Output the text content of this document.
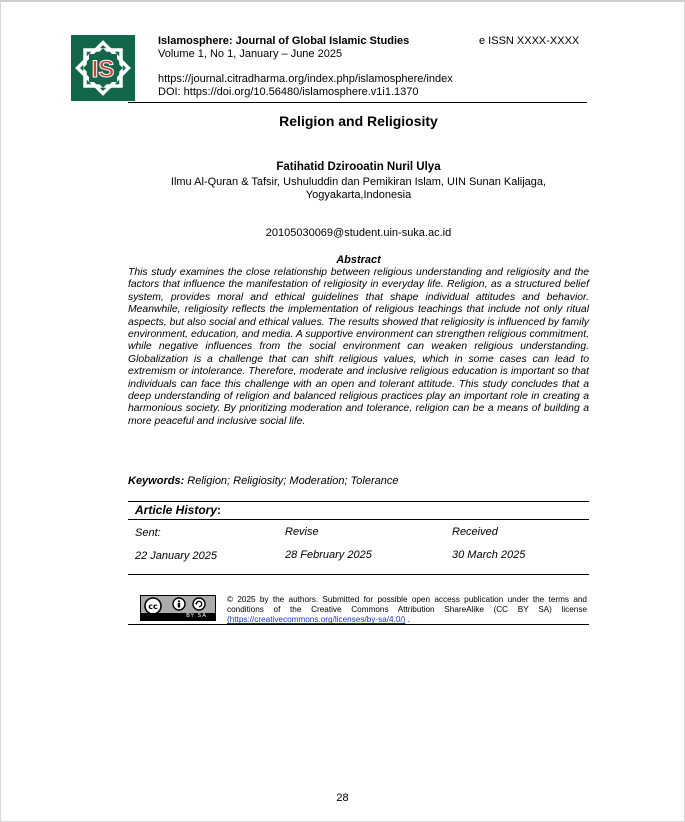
IS
Islamosphere: Journal of Global Islamic Studies	e ISSN XXXX-XXXX
Volume 1, No 1, January – June 2025
https://journal.citradharma.org/index.php/islamosphere/index
DOI: https://doi.org/10.56480/islamosphere.v1i1.1370
Religion and Religiosity
Fatihatid Dzirooatin Nuril Ulya
Ilmu Al-Quran & Tafsir, Ushuluddin dan Pemikiran Islam, UIN Sunan Kalijaga,
Yogyakarta,Indonesia
20105030069@student.uin-suka.ac.id
Abstract
This study examines the close relationship between religious understanding and religiosity and the factors that influence the manifestation of religiosity in everyday life. Religion, as a structured belief system, provides moral and ethical guidelines that shape individual attitudes and behavior. Meanwhile, religiosity reflects the implementation of religious teachings that include not only ritual aspects, but also social and ethical values. The results showed that religiosity is influenced by family environment, education, and media. A supportive environment can strengthen religious commitment, while negative influences from the social environment can weaken religious understanding. Globalization is a challenge that can shift religious values, which in some cases can lead to extremism or intolerance. Therefore, moderate and inclusive religious education is important so that individuals can face this challenge with an open and tolerant attitude. This study concludes that a deep understanding of religion and balanced religious practices play an important role in creating a harmonious society. By prioritizing moderation and tolerance, religion can be a means of building a more peaceful and inclusive social life.
Keywords: Religion; Religiosity; Moderation; Tolerance
Article History:
Sent:	Revise	Received
22 January 2025	28 February 2025	30 March 2025
cc
BY SA
© 2025 by the authors. Submitted for possible open access publication under the terms and conditions of the Creative Commons Attribution ShareAlike (CC BY SA) license (https://creativecommons.org/licenses/by-sa/4.0/) .
28
